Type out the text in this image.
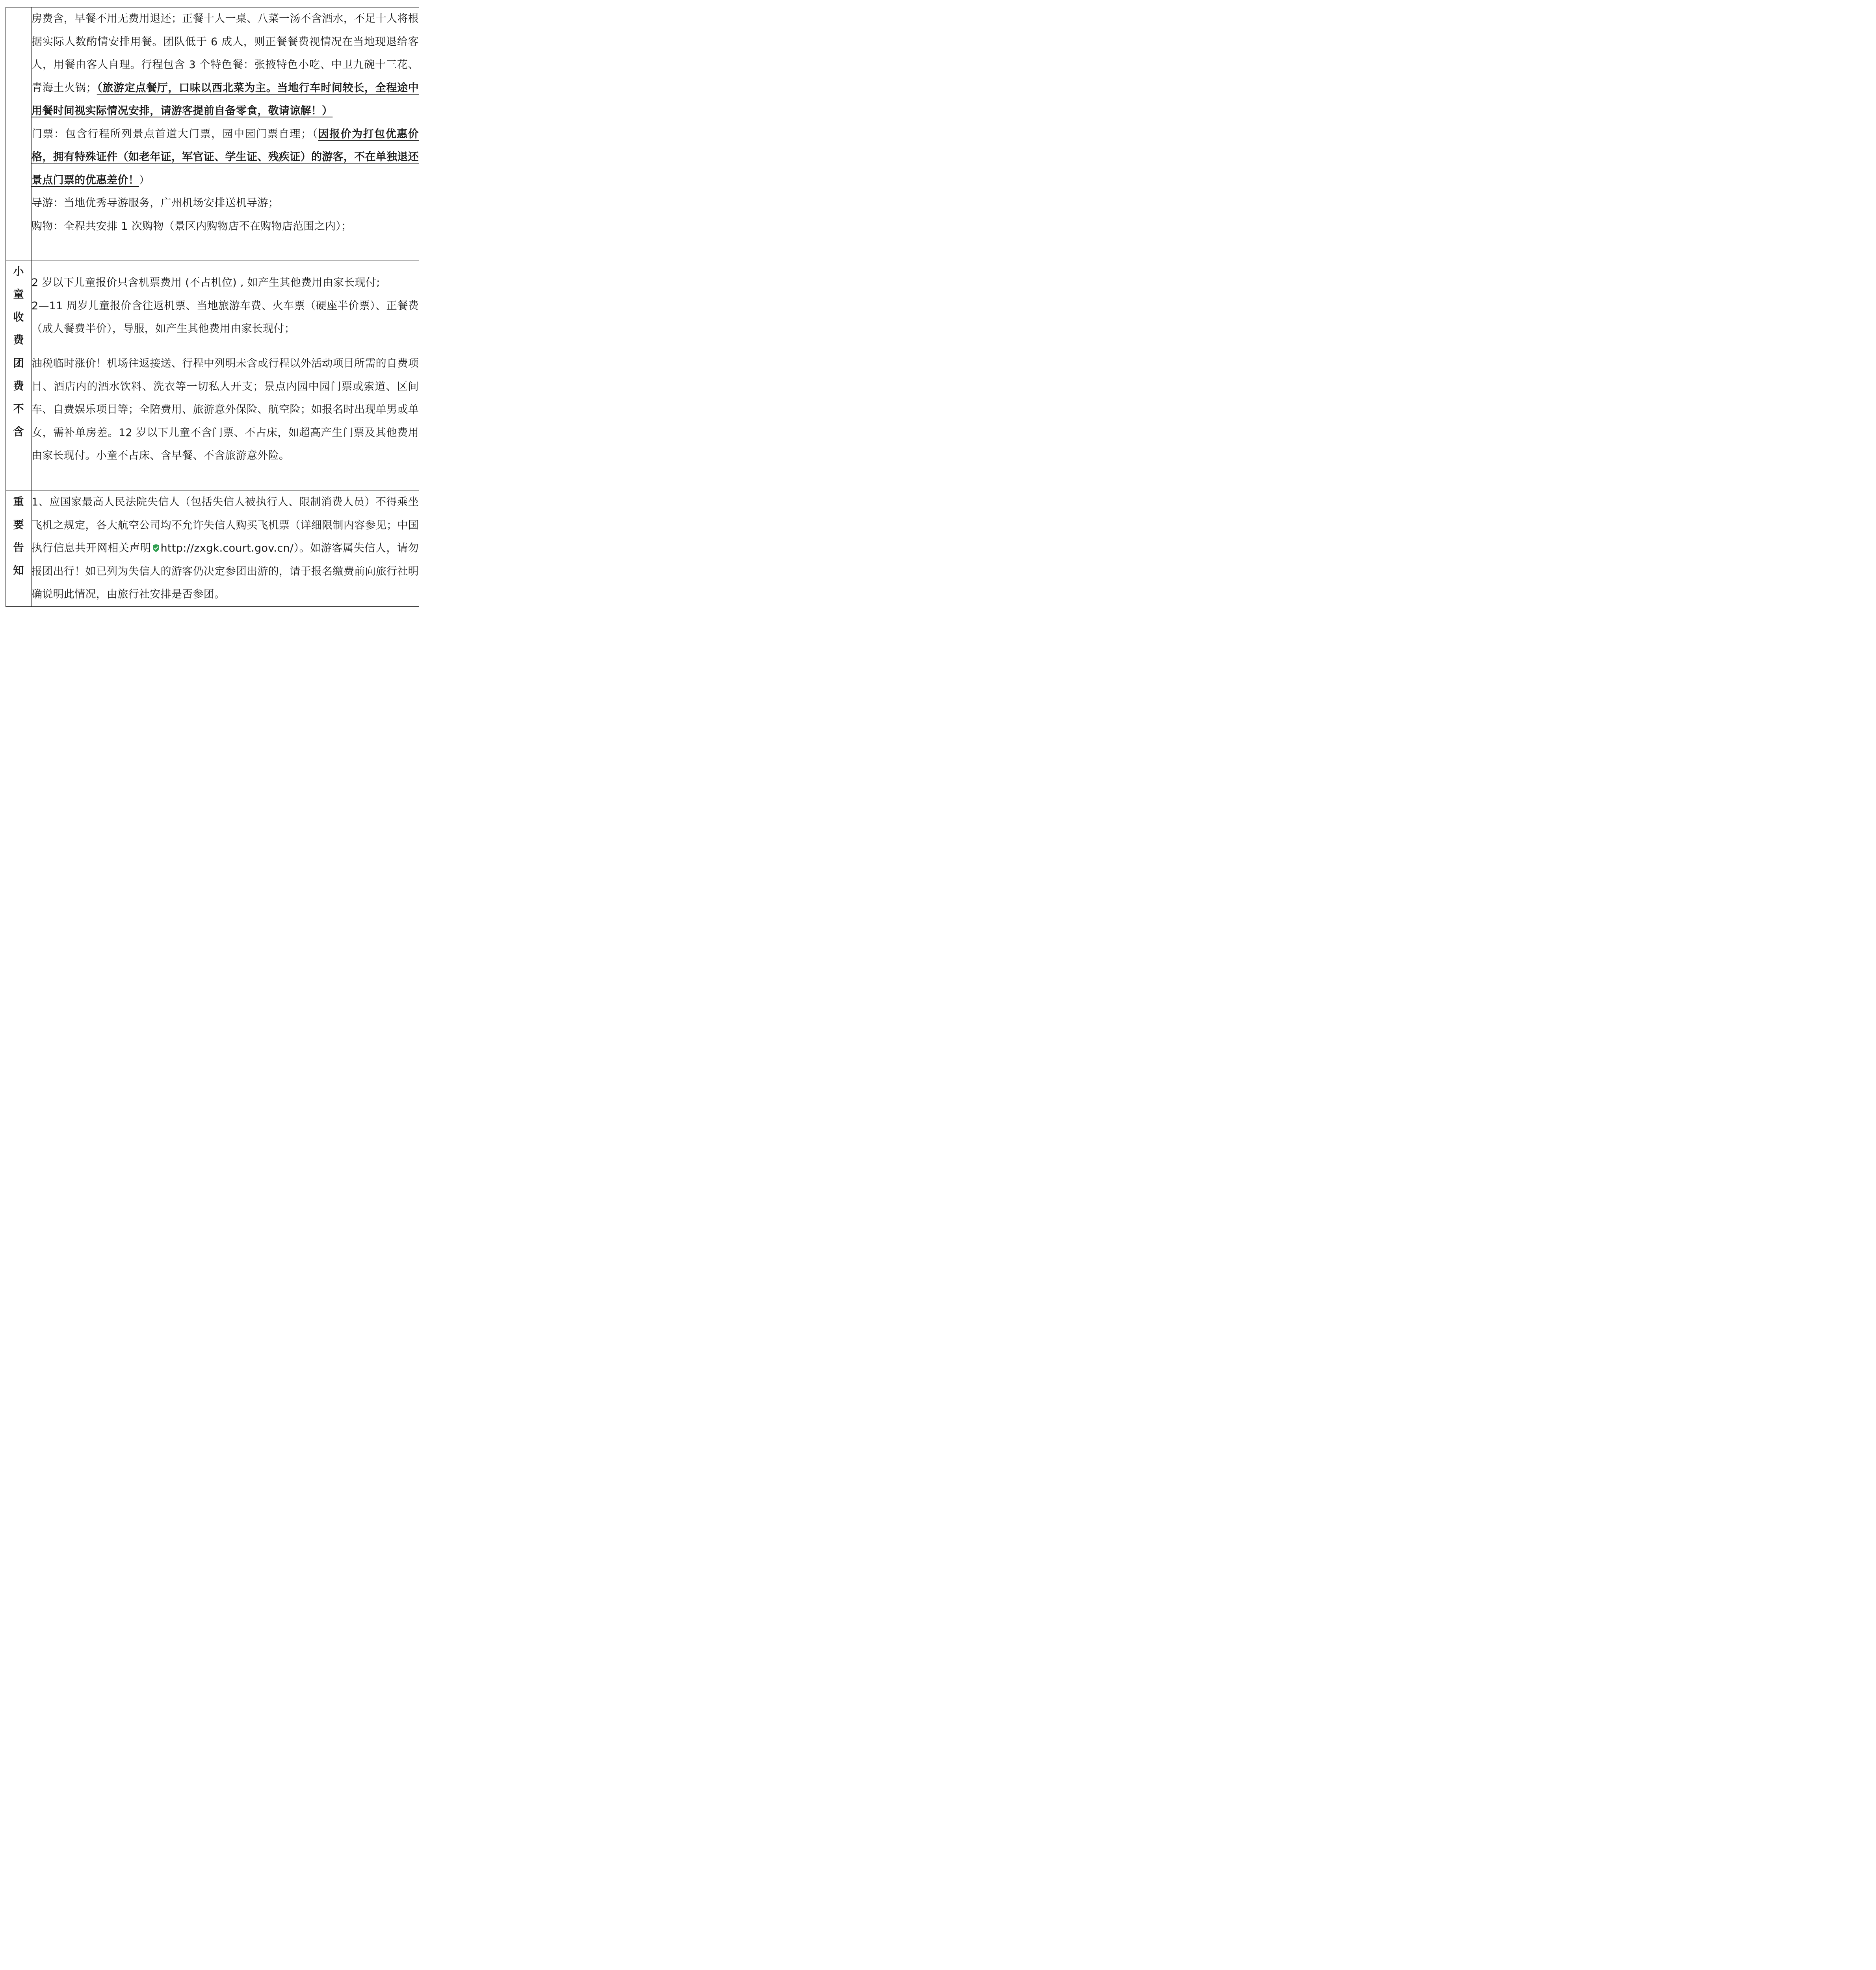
	房费含，早餐不用无费用退还；正餐十人一桌、八菜一汤不含酒水，不足十人将根据实际人数酌情安排用餐。团队低于 6 成人，则正餐餐费视情况在当地现退给客人，用餐由客人自理。行程包含 3 个特色餐：张掖特色小吃、中卫九碗十三花、青海土火锅；（旅游定点餐厅，口味以西北菜为主。当地行车时间较长，全程途中用餐时间视实际情况安排，请游客提前自备零食，敬请谅解！）

门票：包含行程所列景点首道大门票，园中园门票自理；（因报价为打包优惠价格，拥有特殊证件（如老年证，军官证、学生证、残疾证）的游客，不在单独退还景点门票的优惠差价！）

导游：当地优秀导游服务，广州机场安排送机导游；

购物：全程共安排 1 次购物（景区内购物店不在购物店范围之内）；

小童收费	2 岁以下儿童报价只含机票费用 (不占机位) , 如产生其他费用由家长现付;

2—11 周岁儿童报价含往返机票、当地旅游车费、火车票（硬座半价票）、正餐费（成人餐费半价），导服，如产生其他费用由家长现付；

团费不含	油税临时涨价！机场往返接送、行程中列明未含或行程以外活动项目所需的自费项目、酒店内的酒水饮料、洗衣等一切私人开支；景点内园中园门票或索道、区间车、自费娱乐项目等；全陪费用、旅游意外保险、航空险；如报名时出现单男或单女，需补单房差。12 岁以下儿童不含门票、不占床，如超高产生门票及其他费用由家长现付。小童不占床、含早餐、不含旅游意外险。

重要告知	1、应国家最高人民法院失信人（包括失信人被执行人、限制消费人员）不得乘坐飞机之规定，各大航空公司均不允许失信人购买飞机票（详细限制内容参见；中国执行信息共开网相关声明 http://zxgk.court.gov.cn/）。如游客属失信人，请勿报团出行！如已列为失信人的游客仍决定参团出游的，请于报名缴费前向旅行社明确说明此情况，由旅行社安排是否参团。
